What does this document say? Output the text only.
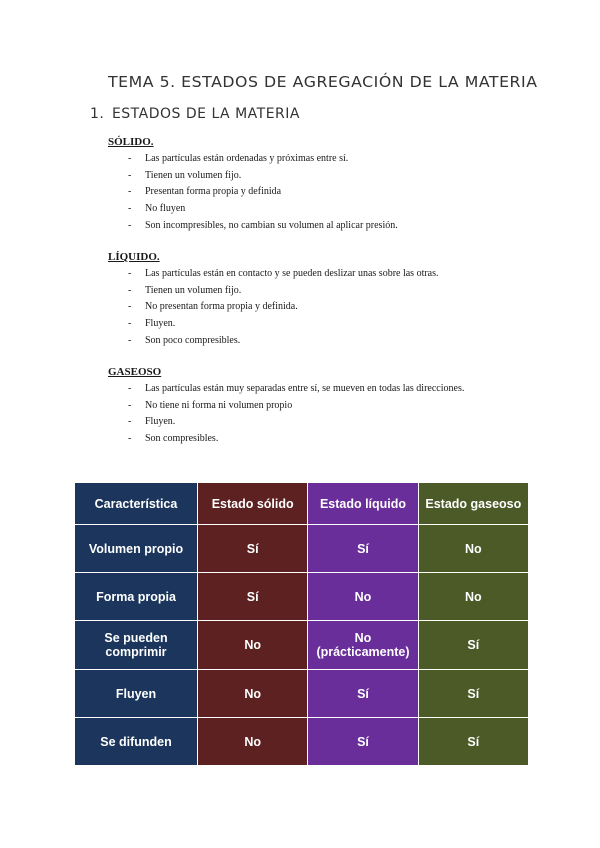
TEMA 5. ESTADOS DE AGREGACIÓN DE LA MATERIA
1. ESTADOS DE LA MATERIA
SÓLIDO.
- Las partículas están ordenadas y próximas entre sí.
- Tienen un volumen fijo.
- Presentan forma propia y definida
- No fluyen
- Son incompresibles, no cambian su volumen al aplicar presión.
LÍQUIDO.
- Las partículas están en contacto y se pueden deslizar unas sobre las otras.
- Tienen un volumen fijo.
- No presentan forma propia y definida.
- Fluyen.
- Son poco compresibles.
GASEOSO
- Las partículas están muy separadas entre sí, se mueven en todas las direcciones.
- No tiene ni forma ni volumen propio
- Fluyen.
- Son compresibles.
Característica	Estado sólido	Estado líquido	Estado gaseoso
Volumen propio	Sí	Sí	No
Forma propia	Sí	No	No
Se pueden comprimir	No	No (prácticamente)	Sí
Fluyen	No	Sí	Sí
Se difunden	No	Sí	Sí
